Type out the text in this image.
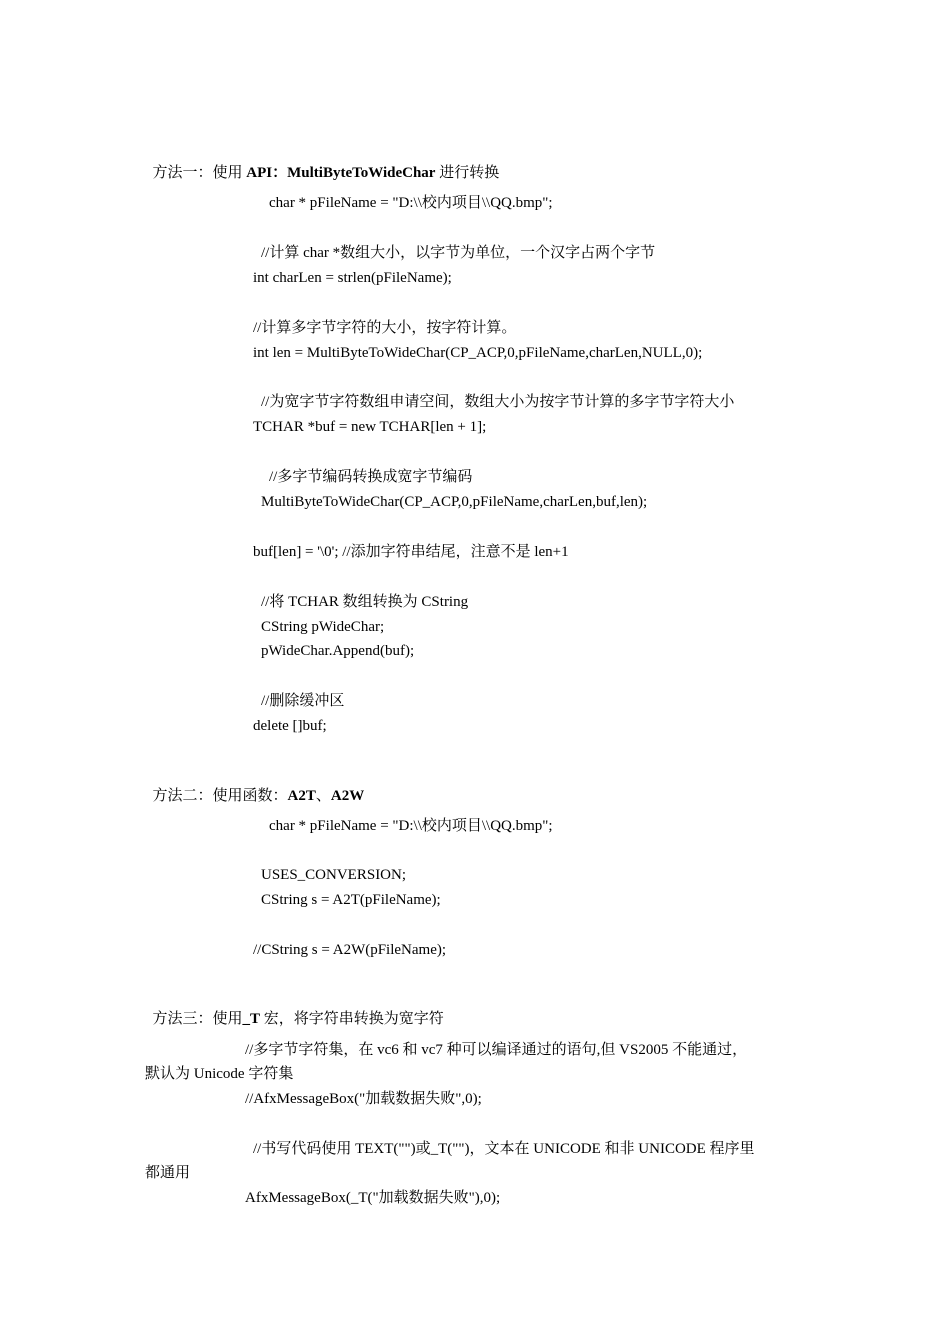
方法一：使用 API：MultiByteToWideChar 进行转换

char * pFileName = "D:\\校内项目\\QQ.bmp";
//计算 char *数组大小，以字节为单位，一个汉字占两个字节
int charLen = strlen(pFileName);
//计算多字节字符的大小，按字符计算。
int len = MultiByteToWideChar(CP_ACP,0,pFileName,charLen,NULL,0);
//为宽字节字符数组申请空间，数组大小为按字节计算的多字节字符大小
TCHAR *buf = new TCHAR[len + 1];
//多字节编码转换成宽字节编码
MultiByteToWideChar(CP_ACP,0,pFileName,charLen,buf,len);
buf[len] = '\0'; //添加字符串结尾，注意不是 len+1
//将 TCHAR 数组转换为 CString
CString pWideChar;
pWideChar.Append(buf);
//删除缓冲区
delete []buf;

方法二：使用函数：A2T、A2W

char * pFileName = "D:\\校内项目\\QQ.bmp";
USES_CONVERSION;
CString s = A2T(pFileName);
//CString s = A2W(pFileName);

方法三：使用_T 宏，将字符串转换为宽字符

//多字节字符集，在 vc6 和 vc7 种可以编译通过的语句,但 VS2005 不能通过，
默认为 Unicode 字符集
//AfxMessageBox("加载数据失败",0);
//书写代码使用 TEXT("")或_T("")，文本在 UNICODE 和非 UNICODE 程序里
都通用
AfxMessageBox(_T("加载数据失败"),0);
